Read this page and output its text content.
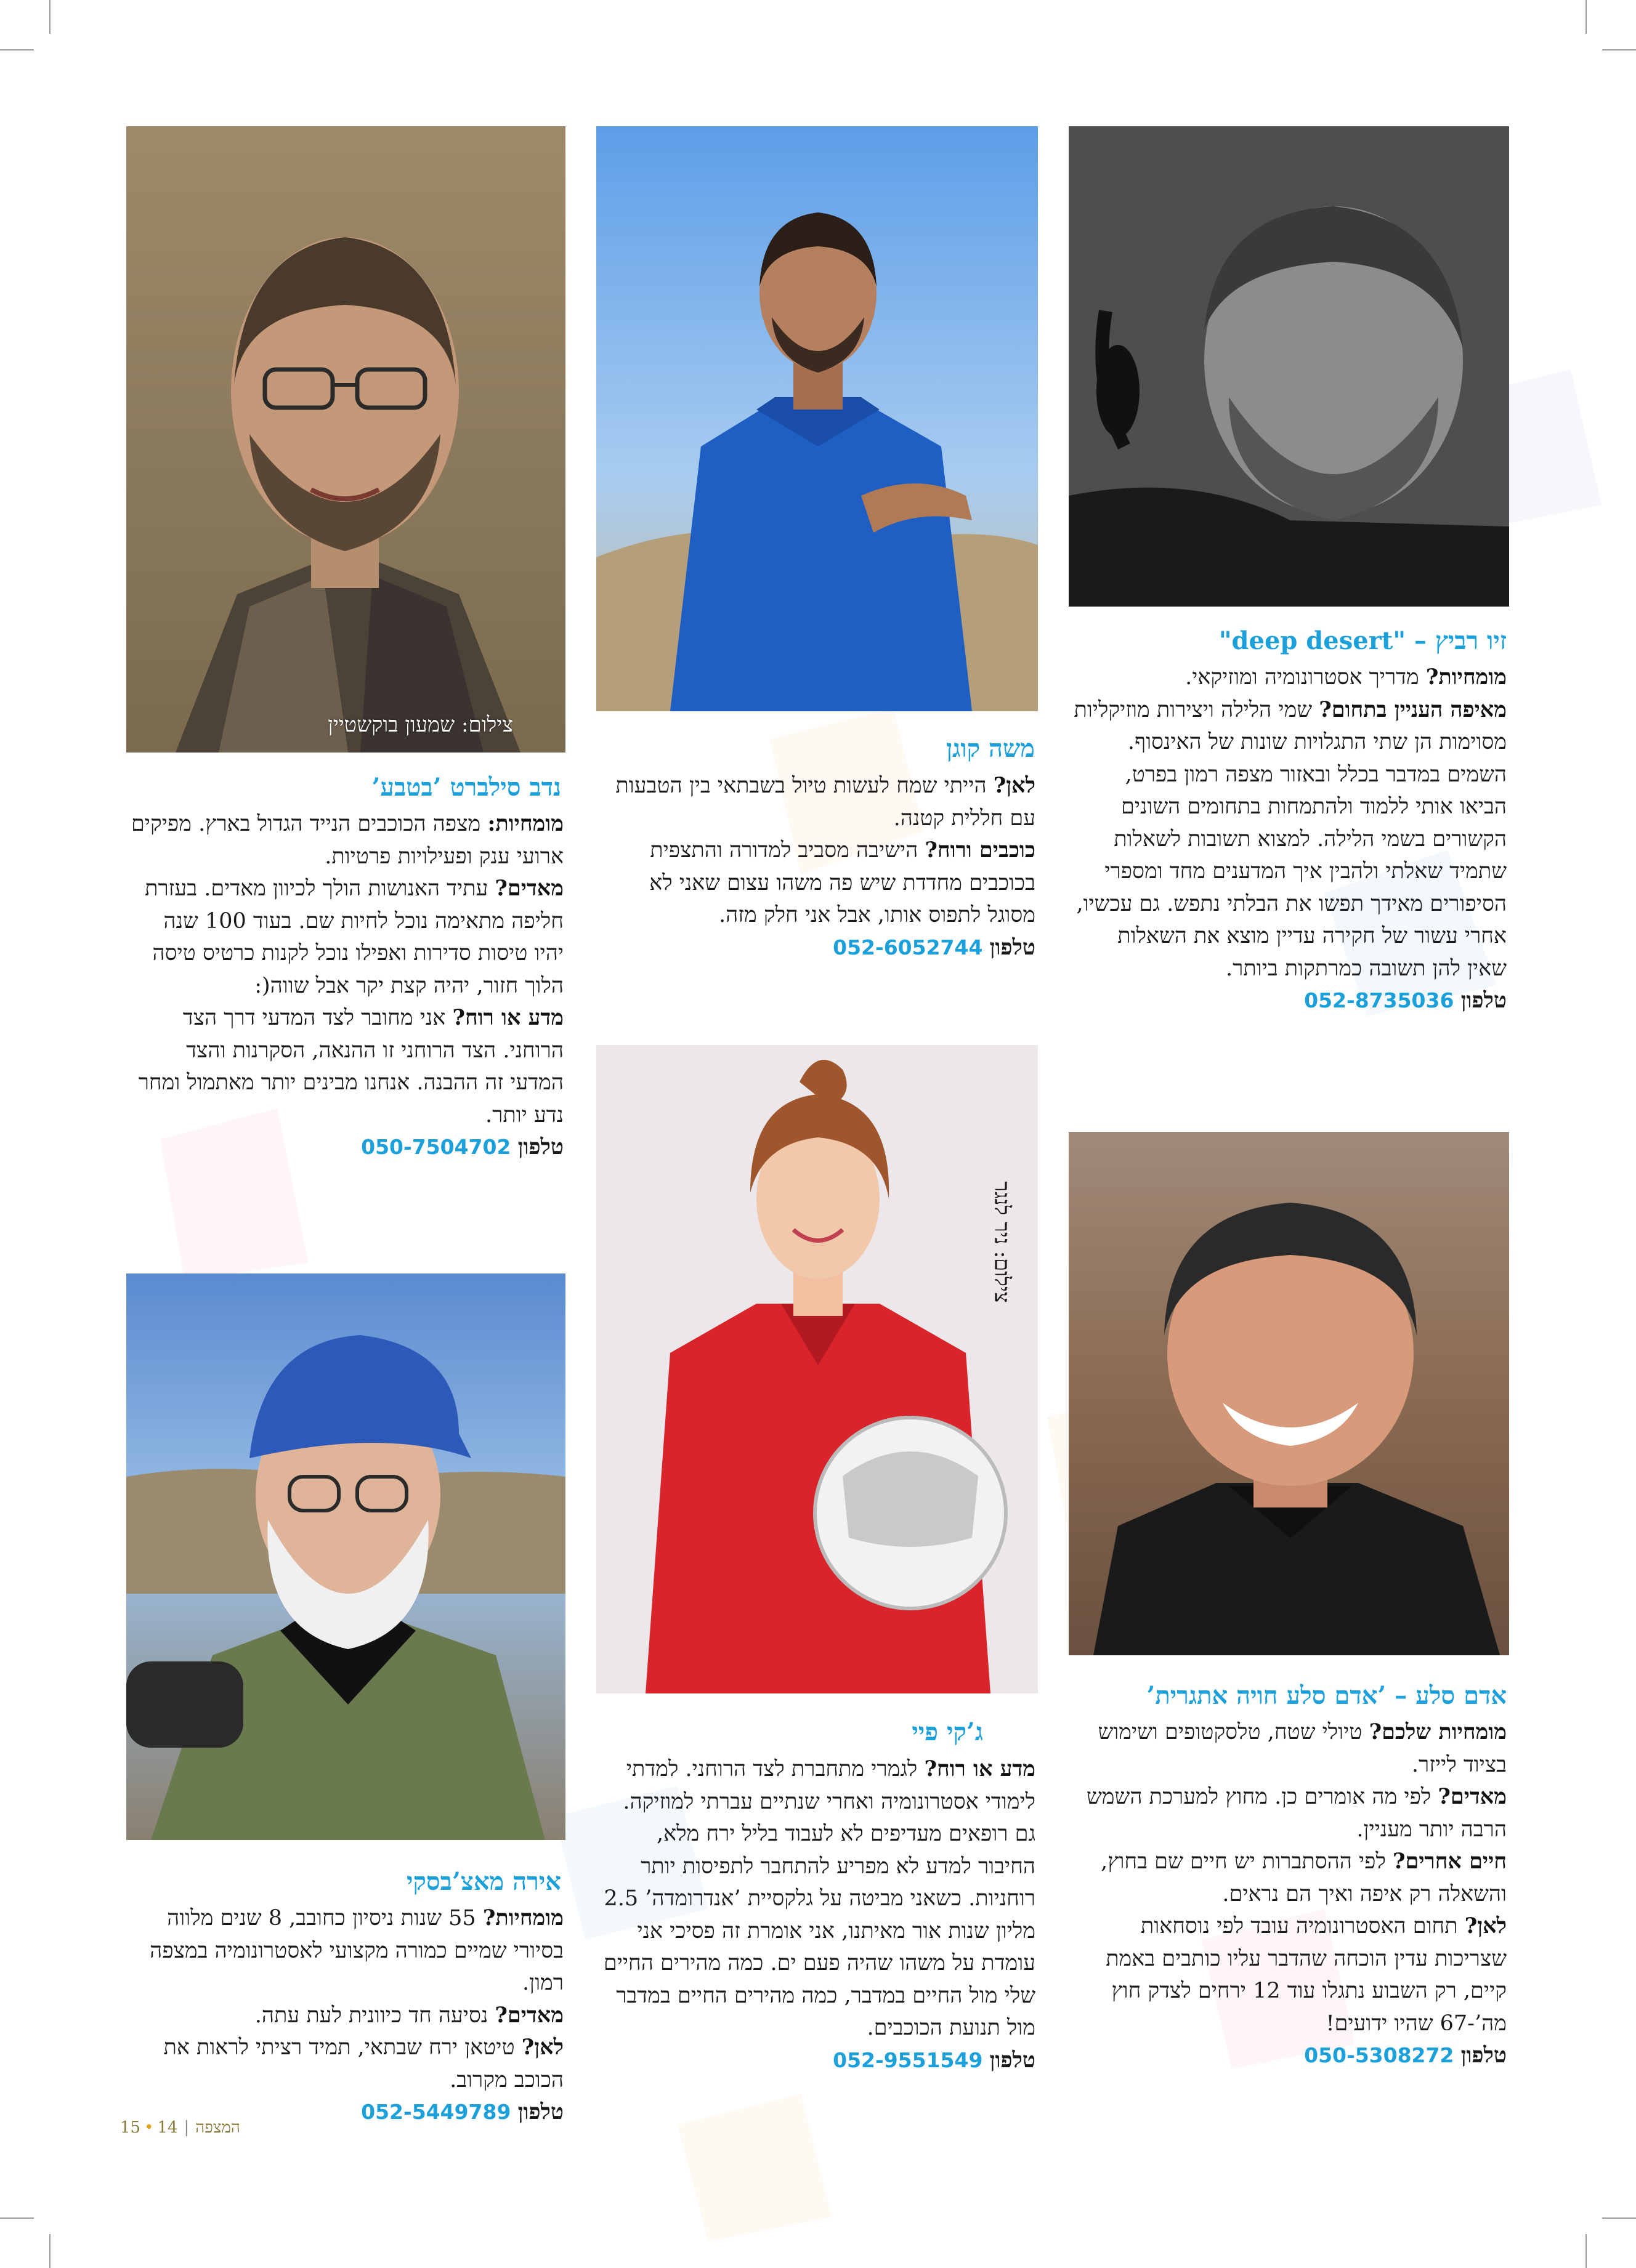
צילום: שמעון בוקשטיין
זיו רביץ – "deep desert"

מומחיות? מדריך אסטרונומיה ומוזיקאי.

מאיפה העניין בתחום? שמי הלילה ויצירות מוזיקליות מסוימות הן שתי התגלויות שונות של האינסוף. השמים במדבר בכלל ובאזור מצפה רמון בפרט, הביאו אותי ללמוד ולהתמחות בתחומים השונים הקשורים בשמי הלילה. למצוא תשובות לשאלות שתמיד שאלתי ולהבין איך המדענים מחד ומספרי הסיפורים מאידך תפשו את הבלתי נתפש. גם עכשיו, אחרי עשור של חקירה עדיין מוצא את השאלות שאין להן תשובה כמרתקות ביותר.

טלפון 052-8735036

משה קוגן

לאן? הייתי שמח לעשות טיול בשבתאי בין הטבעות עם חללית קטנה.

כוכבים ורוח? הישיבה מסביב למדורה והתצפית בכוכבים מחדדת שיש פה משהו עצום שאני לא מסוגל לתפוס אותו, אבל אני חלק מזה.

טלפון 052-6052744

נדב סילברט ’בטבע’

מומחיות: מצפה הכוכבים הנייד הגדול בארץ. מפיקים ארועי ענק ופעילויות פרטיות.

מאדים? עתיד האנושות הולך לכיוון מאדים. בעזרת חליפה מתאימה נוכל לחיות שם. בעוד 100 שנה יהיו טיסות סדירות ואפילו נוכל לקנות כרטיס טיסה הלוך חזור, יהיה קצת יקר אבל שווה(:

מדע או רוח? אני מחובר לצד המדעי דרך הצד הרוחני. הצד הרוחני זו ההנאה, הסקרנות והצד המדעי זה ההבנה. אנחנו מבינים יותר מאתמול ומחר נדע יותר.

טלפון 050-7504702

צילום: ניר לנגר
אדם סלע – ’אדם סלע חויה אתגרית’

מומחיות שלכם? טיולי שטח, טלסקטופים ושימוש בציוד לייזר.

מאדים? לפי מה אומרים כן. מחוץ למערכת השמש הרבה יותר מעניין.

חיים אחרים? לפי ההסתברות יש חיים שם בחוץ, והשאלה רק איפה ואיך הם נראים.

לאן? תחום האסטרונומיה עובד לפי נוסחאות שצריכות עדין הוכחה שהדבר עליו כותבים באמת קיים, רק השבוע נתגלו עוד 12 ירחים לצדק חוץ מה’-67 שהיו ידועים!

טלפון 050-5308272

ג’קי פיי

מדע או רוח? לגמרי מתחברת לצד הרוחני. למדתי לימודי אסטרונומיה ואחרי שנתיים עברתי למוזיקה. גם רופאים מעדיפים לא לעבוד בליל ירח מלא, החיבור למדע לא מפריע להתחבר לתפיסות יותר רוחניות. כשאני מביטה על גלקסיית ’אנדרומדה’ 2.5 מליון שנות אור מאיתנו, אני אומרת זה פסיכי אני עומדת על משהו שהיה פעם ים. כמה מהירים החיים שלי מול החיים במדבר, כמה מהירים החיים במדבר מול תנועת הכוכבים.

טלפון 052-9551549

אירה מאצ’בסקי

מומחיות? 55 שנות ניסיון כחובב, 8 שנים מלווה בסיורי שמיים כמורה מקצועי לאסטרונומיה במצפה רמון.

מאדים? נסיעה חד כיוונית לעת עתה.

לאן? טיטאן ירח שבתאי, תמיד רציתי לראות את הכוכב מקרוב.

טלפון 052-5449789

המצפה|15 • 14
